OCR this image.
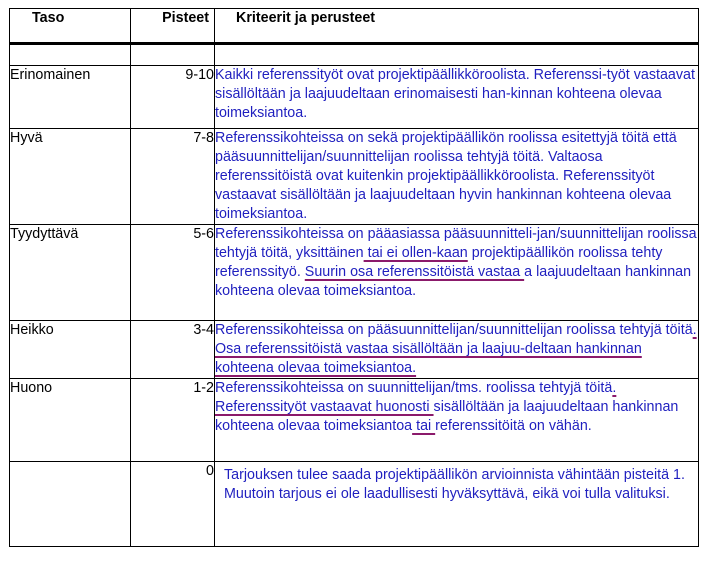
Taso	Pisteet	Kriteerit ja perusteet

Erinomainen	9-10	Kaikki referenssityöt ovat projektipäällikköroolista. Referenssi-työt vastaavat sisällöltään ja laajuudeltaan erinomaisesti han-kinnan kohteena olevaa toimeksiantoa.
Hyvä	7-8	Referenssikohteissa on sekä projektipäällikön roolissa esitettyjä töitä että pääsuunnittelijan/suunnittelijan roolissa tehtyjä töitä. Valtaosa referenssitöistä ovat kuitenkin projektipäällikköroolista. Referenssityöt vastaavat sisällöltään ja laajuudeltaan hyvin hankinnan kohteena olevaa toimeksiantoa.
Tyydyttävä	5-6	Referenssikohteissa on pääasiassa pääsuunnitteli-jan/suunnittelijan roolissa tehtyjä töitä, yksittäinen tai ei ollen-kaan projektipäällikön roolissa tehty referenssityö. Suurin osa referenssitöistä vastaa a laajuudeltaan hankinnan kohteena olevaa toimeksiantoa.
Heikko	3-4	Referenssikohteissa on pääsuunnittelijan/suunnittelijan roolissa tehtyjä töitä. Osa referenssitöistä vastaa sisällöltään ja laajuu-deltaan hankinnan kohteena olevaa toimeksiantoa.
Huono	1-2	Referenssikohteissa on suunnittelijan/tms. roolissa tehtyjä töitä. Referenssityöt vastaavat huonosti sisällöltään ja laajuudeltaan hankinnan kohteena olevaa toimeksiantoa tai referenssitöitä on vähän.
	0	Tarjouksen tulee saada projektipäällikön arvioinnista vähintään pisteitä 1. Muutoin tarjous ei ole laadullisesti hyväksyttävä, eikä voi tulla valituksi.
